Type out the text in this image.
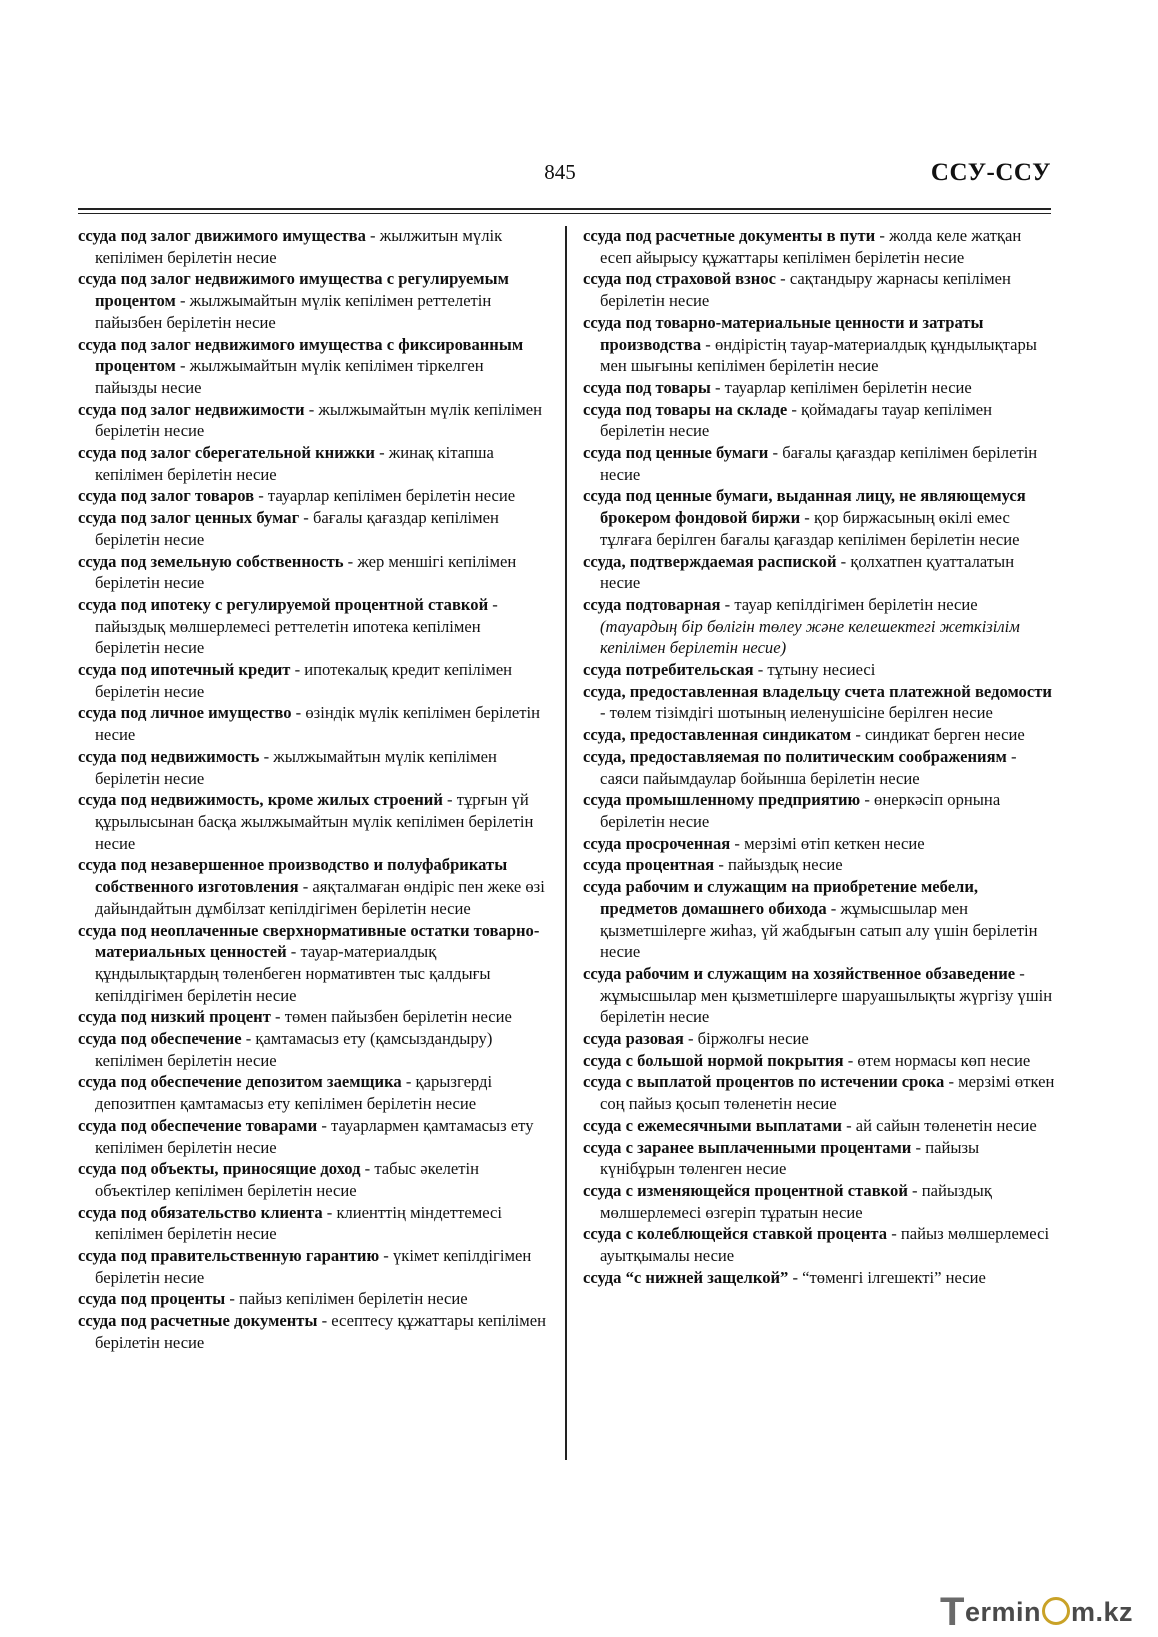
845	ССУ-ССУ

ссуда под залог движимого имущества - жылжитын мүлік кепілімен берілетін несие

ссуда под залог недвижимого имущества с регулируемым процентом - жылжымайтын мүлік кепілімен реттелетін пайызбен берілетін несие

ссуда под залог недвижимого имущества с фиксированным процентом - жылжымайтын мүлік кепілімен тіркелген пайызды несие

ссуда под залог недвижимости - жылжымайтын мүлік кепілімен берілетін несие

ссуда под залог сберегательной книжки - жинақ кітапша кепілімен берілетін несие

ссуда под залог товаров - тауарлар кепілімен берілетін несие

ссуда под залог ценных бумаг - бағалы қағаздар кепілімен берілетін несие

ссуда под земельную собственность - жер меншігі кепілімен берілетін несие

ссуда под ипотеку с регулируемой процентной ставкой - пайыздық мөлшерлемесі реттелетін ипотека кепілімен берілетін несие

ссуда под ипотечный кредит - ипотекалық кредит кепілімен берілетін несие

ссуда под личное имущество - өзіндік мүлік кепілімен берілетін несие

ссуда под недвижимость - жылжымайтын мүлік кепілімен берілетін несие

ссуда под недвижимость, кроме жилых строений - тұрғын үй құрылысынан басқа жылжымайтын мүлік кепілімен берілетін несие

ссуда под незавершенное производство и полуфабрикаты собственного изготовления - аяқталмаған өндіріс пен жеке өзі дайындайтын дұмбілзат кепілдігімен берілетін несие

ссуда под неоплаченные сверхнормативные остатки товарно-материальных ценностей - тауар-материалдық құндылықтардың төленбеген нормативтен тыс қалдығы кепілдігімен берілетін несие

ссуда под низкий процент - төмен пайызбен берілетін несие

ссуда под обеспечение - қамтамасыз ету (қамсыздандыру) кепілімен берілетін несие

ссуда под обеспечение депозитом заемщика - қарызгерді депозитпен қамтамасыз ету кепілімен берілетін несие

ссуда под обеспечение товарами - тауарлармен қамтамасыз ету кепілімен берілетін несие

ссуда под объекты, приносящие доход - табыс әкелетін объектілер кепілімен берілетін несие

ссуда под обязательство клиента - клиенттің міндеттемесі кепілімен берілетін несие

ссуда под правительственную гарантию - үкімет кепілдігімен берілетін несие

ссуда под проценты - пайыз кепілімен берілетін несие

ссуда под расчетные документы - есептесу құжаттары кепілімен берілетін несие

ссуда под расчетные документы в пути - жолда келе жатқан есеп айырысу құжаттары кепілімен берілетін несие

ссуда под страховой взнос - сақтандыру жарнасы кепілімен берілетін несие

ссуда под товарно-материальные ценности и затраты производства - өндірістің тауар-материалдық құндылықтары мен шығыны кепілімен берілетін несие

ссуда под товары - тауарлар кепілімен берілетін несие

ссуда под товары на складе - қоймадағы тауар кепілімен берілетін несие

ссуда под ценные бумаги - бағалы қағаздар кепілімен берілетін несие

ссуда под ценные бумаги, выданная лицу, не являющемуся брокером фондовой биржи - қор биржасының өкілі емес тұлғаға берілген бағалы қағаздар кепілімен берілетін несие

ссуда, подтверждаемая распиской - қолхатпен қуатталатын несие

ссуда подтоварная - тауар кепілдігімен берілетін несие (тауардың бір бөлігін төлеу және келешектегі жеткізілім кепілімен берілетін несие)

ссуда потребительская - тұтыну несиесі

ссуда, предоставленная владельцу счета платежной ведомости - төлем тізімдігі шотының иеленушісіне берілген несие

ссуда, предоставленная синдикатом - синдикат берген несие

ссуда, предоставляемая по политическим соображениям - саяси пайымдаулар бойынша берілетін несие

ссуда промышленному предприятию - өнеркәсіп орнына берілетін несие

ссуда просроченная - мерзімі өтіп кеткен несие

ссуда процентная - пайыздық несие

ссуда рабочим и служащим на приобретение мебели, предметов домашнего обихода - жұмысшылар мен қызметшілерге жиһаз, үй жабдығын сатып алу үшін берілетін несие

ссуда рабочим и служащим на хозяйственное обзаведение - жұмысшылар мен қызметшілерге шаруашылықты жүргізу үшін берілетін несие

ссуда разовая - біржолғы несие

ссуда с большой нормой покрытия - өтем нормасы көп несие

ссуда с выплатой процентов по истечении срока - мерзімі өткен соң пайыз қосып төленетін несие

ссуда с ежемесячными выплатами - ай сайын төленетін несие

ссуда с заранее выплаченными процентами - пайызы күнібұрын төленген несие

ссуда с изменяющейся процентной ставкой - пайыздық мөлшерлемесі өзгеріп тұратын несие

ссуда с колеблющейся ставкой процента - пайыз мөлшерлемесі ауытқымалы несие

ссуда “с нижней защелкой” - “төменгі ілгешекті” несие

Termin m.kz
